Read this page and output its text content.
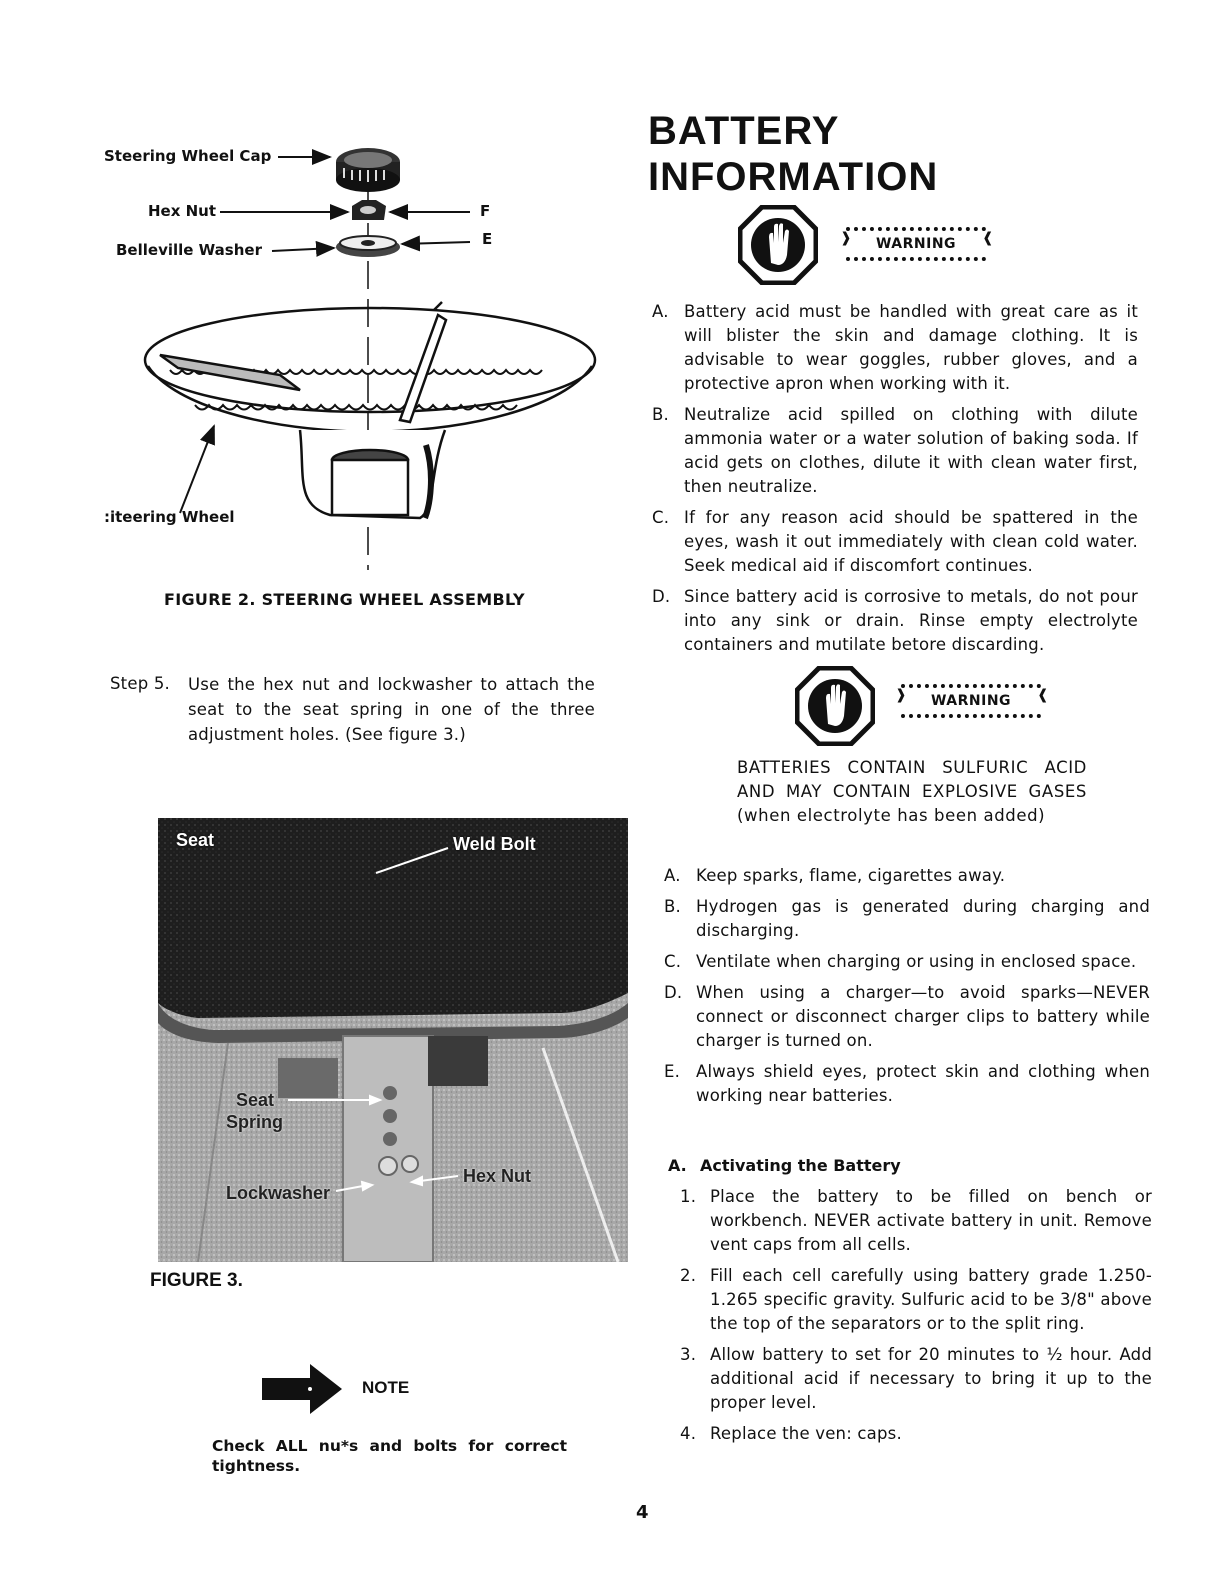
Steering Wheel Cap
Hex Nut	F
Belleville Washer
E
:iteering Wheel
FIGURE 2. STEERING WHEEL ASSEMBLY
Step 5.	Use the hex nut and lockwasher to attach the seat to the seat spring in one of the three adjustment holes. (See figure 3.)
Seat	Weld Bolt
Seat
Spring
Lockwasher
Hex Nut
FIGURE 3.
NOTE
Check ALL nu*s and bolts for correct tightness.
4
BATTERY
INFORMATION
WARNING
❱	❰
A. Battery acid must be handled with great care as it will blister the skin and damage clothing. It is advisable to wear goggles, rubber gloves, and a protective apron when working with it.
B. Neutralize acid spilled on clothing with dilute ammonia water or a water solution of baking soda. If acid gets on clothes, dilute it with clean water first, then neutralize.
C. If for any reason acid should be spattered in the eyes, wash it out immediately with clean cold water. Seek medical aid if discomfort continues.
D. Since battery acid is corrosive to metals, do not pour into any sink or drain. Rinse empty electrolyte containers and mutilate betore discarding.
WARNING
❱	❰
BATTERIES CONTAIN SULFURIC ACID AND MAY CONTAIN EXPLOSIVE GASES (when electrolyte has been added)
A. Keep sparks, flame, cigarettes away.
B. Hydrogen gas is generated during charging and discharging.
C. Ventilate when charging or using in enclosed space.
D. When using a charger—to avoid sparks—NEVER connect or disconnect charger clips to battery while charger is turned on.
E. Always shield eyes, protect skin and clothing when working near batteries.
A. Activating the Battery
1. Place the battery to be filled on bench or workbench. NEVER activate battery in unit. Remove vent caps from all cells.
2. Fill each cell carefully using battery grade 1.250-1.265 specific gravity. Sulfuric acid to be 3/8" above the top of the separators or to the split ring.
3. Allow battery to set for 20 minutes to ½ hour. Add additional acid if necessary to bring it up to the proper level.
4. Replace the ven: caps.
